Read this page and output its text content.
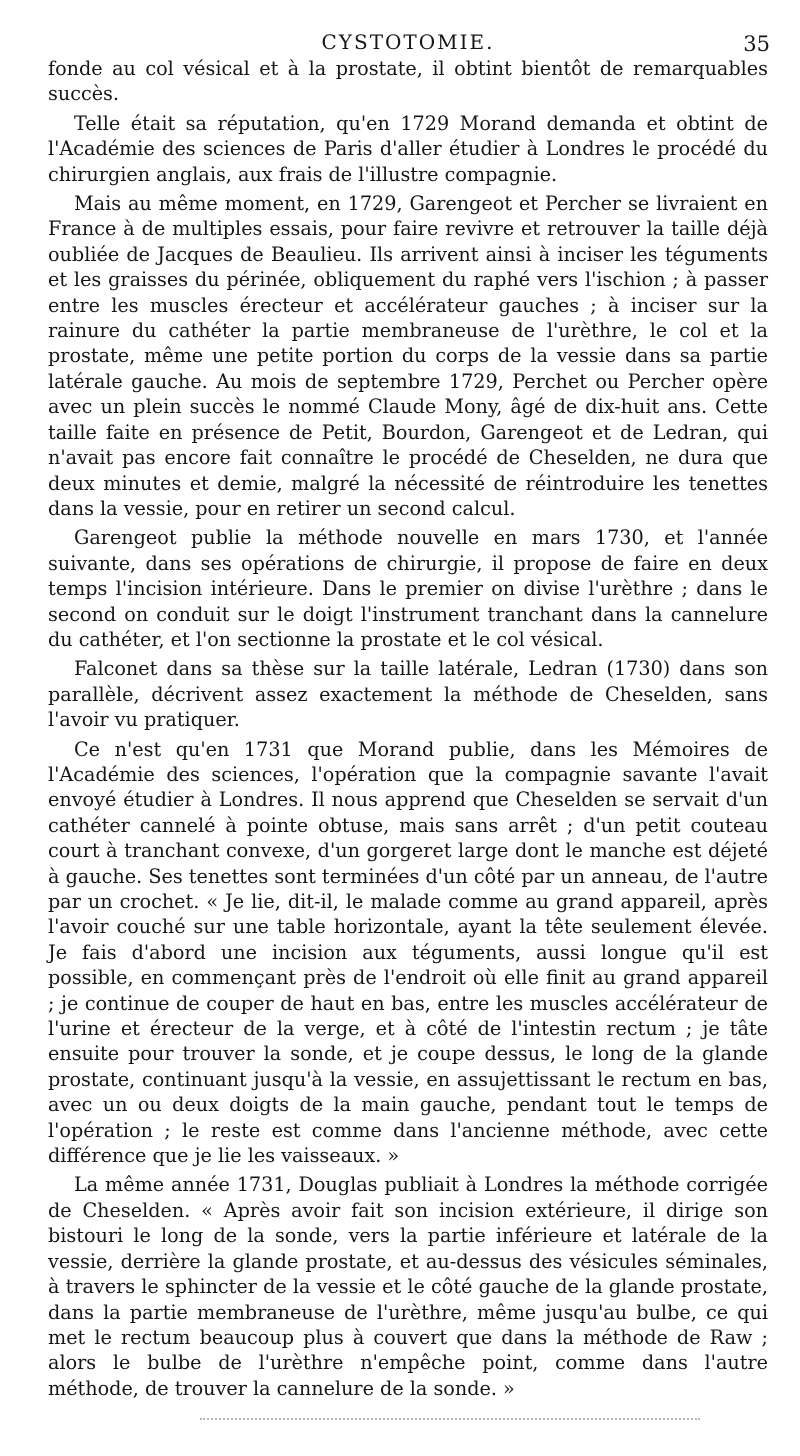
CYSTOTOMIE.	35

fonde au col vésical et à la prostate, il obtint bientôt de remarquables succès.

Telle était sa réputation, qu'en 1729 Morand demanda et obtint de l'Académie des sciences de Paris d'aller étudier à Londres le procédé du chirurgien anglais, aux frais de l'illustre compagnie.

Mais au même moment, en 1729, Garengeot et Percher se livraient en France à de multiples essais, pour faire revivre et retrouver la taille déjà oubliée de Jacques de Beaulieu. Ils arrivent ainsi à inciser les téguments et les graisses du périnée, obliquement du raphé vers l'ischion ; à passer entre les muscles érecteur et accélérateur gauches ; à inciser sur la rainure du cathéter la partie membraneuse de l'urèthre, le col et la prostate, même une petite portion du corps de la vessie dans sa partie latérale gauche. Au mois de septembre 1729, Perchet ou Percher opère avec un plein succès le nommé Claude Mony, âgé de dix-huit ans. Cette taille faite en présence de Petit, Bourdon, Garengeot et de Ledran, qui n'avait pas encore fait connaître le procédé de Cheselden, ne dura que deux minutes et demie, malgré la nécessité de réintroduire les tenettes dans la vessie, pour en retirer un second calcul.

Garengeot publie la méthode nouvelle en mars 1730, et l'année suivante, dans ses opérations de chirurgie, il propose de faire en deux temps l'incision intérieure. Dans le premier on divise l'urèthre ; dans le second on conduit sur le doigt l'instrument tranchant dans la cannelure du cathéter, et l'on sectionne la prostate et le col vésical.

Falconet dans sa thèse sur la taille latérale, Ledran (1730) dans son parallèle, décrivent assez exactement la méthode de Cheselden, sans l'avoir vu pratiquer.

Ce n'est qu'en 1731 que Morand publie, dans les Mémoires de l'Académie des sciences, l'opération que la compagnie savante l'avait envoyé étudier à Londres. Il nous apprend que Cheselden se servait d'un cathéter cannelé à pointe obtuse, mais sans arrêt ; d'un petit couteau court à tranchant convexe, d'un gorgeret large dont le manche est déjeté à gauche. Ses tenettes sont terminées d'un côté par un anneau, de l'autre par un crochet. « Je lie, dit-il, le malade comme au grand appareil, après l'avoir couché sur une table horizontale, ayant la tête seulement élevée. Je fais d'abord une incision aux téguments, aussi longue qu'il est possible, en commençant près de l'endroit où elle finit au grand appareil ; je continue de couper de haut en bas, entre les muscles accélérateur de l'urine et érecteur de la verge, et à côté de l'intestin rectum ; je tâte ensuite pour trouver la sonde, et je coupe dessus, le long de la glande prostate, continuant jusqu'à la vessie, en assujettissant le rectum en bas, avec un ou deux doigts de la main gauche, pendant tout le temps de l'opération ; le reste est comme dans l'ancienne méthode, avec cette différence que je lie les vaisseaux. »

La même année 1731, Douglas publiait à Londres la méthode corrigée de Cheselden. « Après avoir fait son incision extérieure, il dirige son bistouri le long de la sonde, vers la partie inférieure et latérale de la vessie, derrière la glande prostate, et au-dessus des vésicules séminales, à travers le sphincter de la vessie et le côté gauche de la glande prostate, dans la partie membraneuse de l'urèthre, même jusqu'au bulbe, ce qui met le rectum beaucoup plus à couvert que dans la méthode de Raw ; alors le bulbe de l'urèthre n'empêche point, comme dans l'autre méthode, de trouver la cannelure de la sonde. »
